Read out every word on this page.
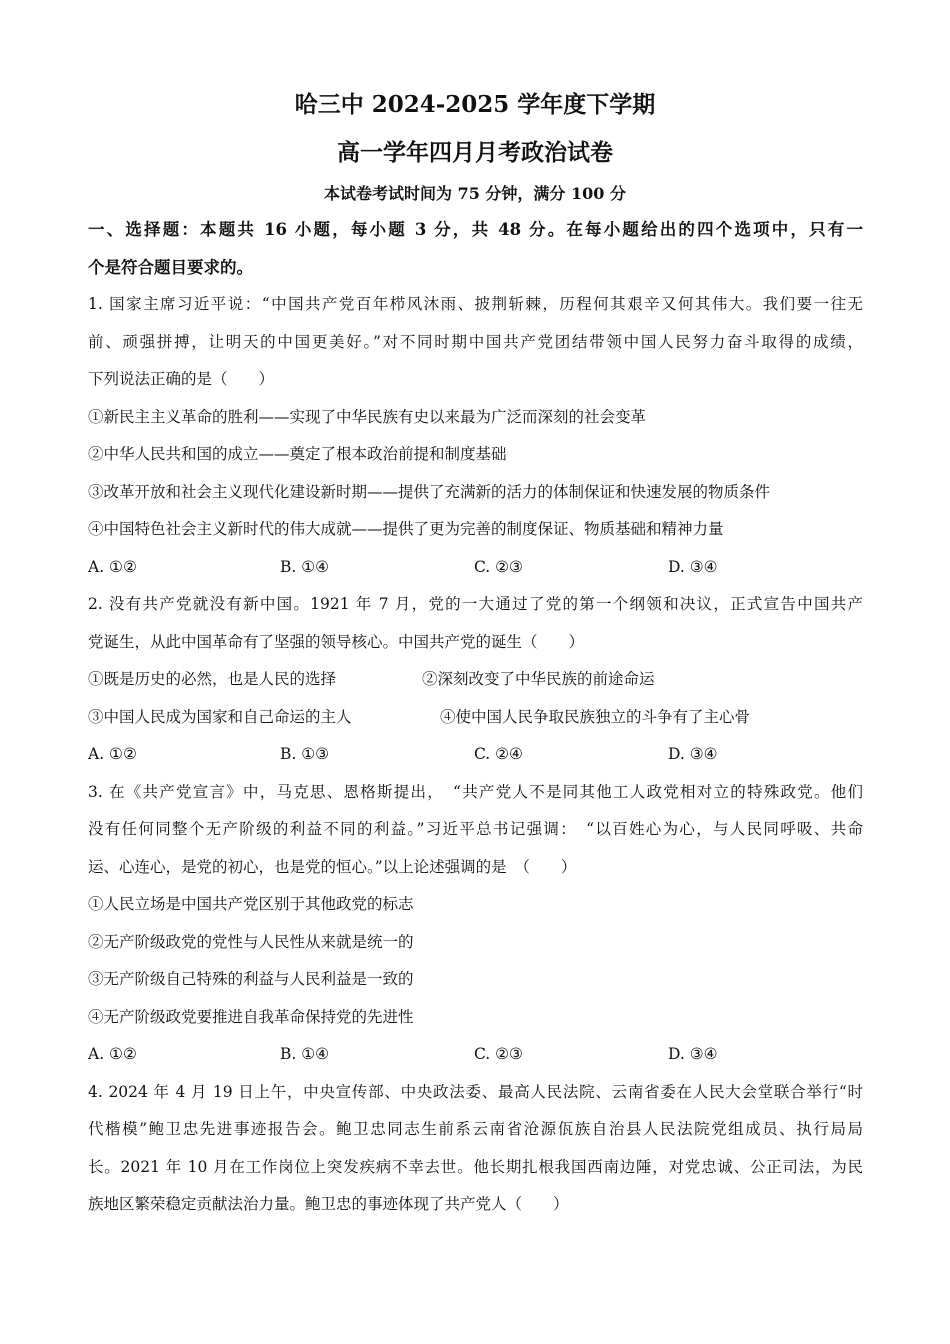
哈三中 2024-2025 学年度下学期
高一学年四月月考政治试卷
本试卷考试时间为 75 分钟，满分 100 分
一、选择题：本题共 16 小题，每小题 3 分，共 48 分。在每小题给出的四个选项中，只有一
个是符合题目要求的。
1. 国家主席习近平说：“中国共产党百年栉风沐雨、披荆斩棘，历程何其艰辛又何其伟大。我们要一往无
前、顽强拼搏，让明天的中国更美好。”对不同时期中国共产党团结带领中国人民努力奋斗取得的成绩，
下列说法正确的是（　　）
①新民主主义革命的胜利——实现了中华民族有史以来最为广泛而深刻的社会变革
②中华人民共和国的成立——奠定了根本政治前提和制度基础
③改革开放和社会主义现代化建设新时期——提供了充满新的活力的体制保证和快速发展的物质条件
④中国特色社会主义新时代的伟大成就——提供了更为完善的制度保证、物质基础和精神力量
A. ①②	B. ①④	C. ②③	D. ③④
2. 没有共产党就没有新中国。1921 年 7 月，党的一大通过了党的第一个纲领和决议，正式宣告中国共产
党诞生，从此中国革命有了坚强的领导核心。中国共产党的诞生（　　）
①既是历史的必然，也是人民的选择	②深刻改变了中华民族的前途命运
③中国人民成为国家和自己命运的主人	④使中国人民争取民族独立的斗争有了主心骨
A. ①②	B. ①③	C. ②④	D. ③④
3. 在《共产党宣言》中，马克思、恩格斯提出，　“共产党人不是同其他工人政党相对立的特殊政党。他们
没有任何同整个无产阶级的利益不同的利益。”习近平总书记强调：　“以百姓心为心，与人民同呼吸、共命
运、心连心，是党的初心，也是党的恒心。”以上论述强调的是　（　　）
①人民立场是中国共产党区别于其他政党的标志
②无产阶级政党的党性与人民性从来就是统一的
③无产阶级自己特殊的利益与人民利益是一致的
④无产阶级政党要推进自我革命保持党的先进性
A. ①②	B. ①④	C. ②③	D. ③④
4. 2024 年 4 月 19 日上午，中央宣传部、中央政法委、最高人民法院、云南省委在人民大会堂联合举行“时
代楷模”鲍卫忠先进事迹报告会。鲍卫忠同志生前系云南省沧源佤族自治县人民法院党组成员、执行局局
长。2021 年 10 月在工作岗位上突发疾病不幸去世。他长期扎根我国西南边陲，对党忠诚、公正司法，为民
族地区繁荣稳定贡献法治力量。鲍卫忠的事迹体现了共产党人（　　）
